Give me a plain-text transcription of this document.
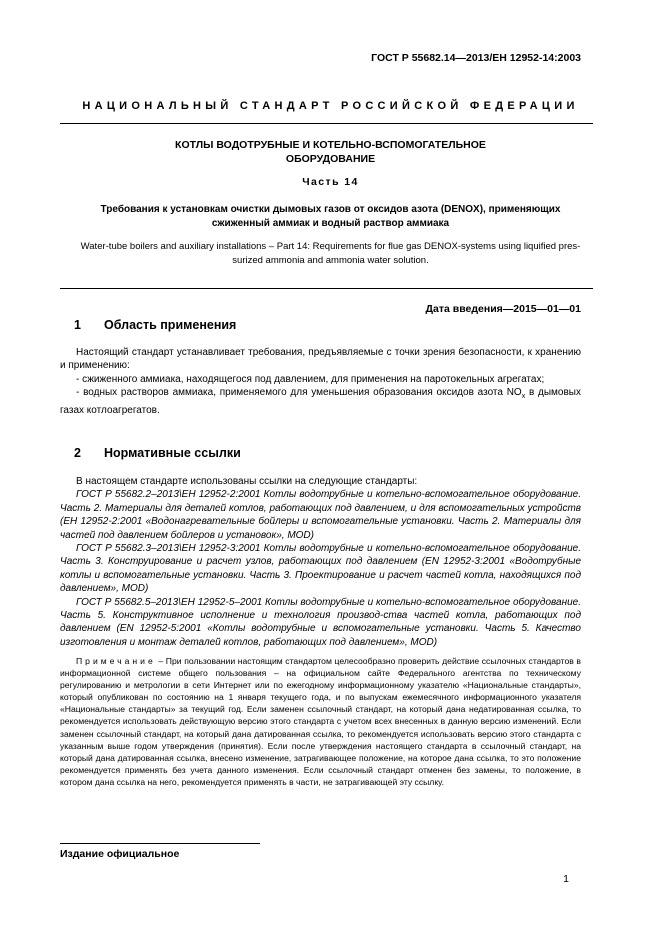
ГОСТ Р 55682.14—2013/EH 12952-14:2003
НАЦИОНАЛЬНЫЙ СТАНДАРТ РОССИЙСКОЙ ФЕДЕРАЦИИ
КОТЛЫ ВОДОТРУБНЫЕ И КОТЕЛЬНО-ВСПОМОГАТЕЛЬНОЕ
ОБОРУДОВАНИЕ
Часть 14
Требования к установкам очистки дымовых газов от оксидов азота (DENOX), применяющих
сжиженный аммиак и водный раствор аммиака
Water-tube boilers and auxiliary installations – Part 14: Requirements for flue gas DENOX-systems using liquified pres-
surized ammonia and ammonia water solution.
Дата введения—2015—01—01
1 Область применения

Настоящий стандарт устанавливает требования, предъявляемые с точки зрения безопасности, к хранению и применению:

- сжиженного аммиака, находящегося под давлением, для применения на паротокельных агрегатах;

- водных растворов аммиака, применяемого для уменьшения образования оксидов азота $NO_x$ в дымовых газах котлоагрегатов.

2 Нормативные ссылки

В настоящем стандарте использованы ссылки на следующие стандарты:

ГОСТ Р 55682.2–2013\ЕН 12952-2:2001 Котлы водотрубные и котельно-вспомогательное оборудование. Часть 2. Материалы для деталей котлов, работающих под давлением, и для вспомогательных устройств (EH 12952-2:2001 «Водонагревательные бойлеры и вспомогательные установки. Часть 2. Материалы для частей под давлением бойлеров и установок», MOD)

ГОСТ Р 55682.3–2013\ЕН 12952-3:2001 Котлы водотрубные и котельно-вспомогательное оборудование. Часть 3. Конструирование и расчет узлов, работающих под давлением (EN 12952-3:2001 «Водотрубные котлы и вспомогательные установки. Часть 3. Проектирование и расчет частей котла, находящихся под давлением», MOD)

ГОСТ Р 55682.5–2013\ЕН 12952-5–2001 Котлы водотрубные и котельно-вспомогательное оборудование. Часть 5. Конструктивное исполнение и технология производ-ства частей котла, работающих под давлением (EN 12952-5:2001 «Котлы водотрубные и вспомогательные установки. Часть 5. Качество изготовления и монтаж деталей котлов, работающих под давлением», MOD)

Примечание – При пользовании настоящим стандартом целесообразно проверить действие ссылочных стандартов в информационной системе общего пользования – на официальном сайте Федерального агентства по техническому регулированию и метрологии в сети Интернет или по ежегодному информационному указателю «Национальные стандарты», который опубликован по состоянию на 1 января текущего года, и по выпускам ежемесячного информационного указателя «Национальные стандарты» за текущий год. Если заменен ссылочный стандарт, на который дана недатированная ссылка, то рекомендуется использовать действующую версию этого стандарта с учетом всех внесенных в данную версию изменений. Если заменен ссылочный стандарт, на который дана датированная ссылка, то рекомендуется использовать версию этого стандарта с указанным выше годом утверждения (принятия). Если после утверждения настоящего стандарта в ссылочный стандарт, на который дана датированная ссылка, внесено изменение, затрагивающее положение, на которое дана ссылка, то это положение рекомендуется применять без учета данного изменения. Если ссылочный стандарт отменен без замены, то положение, в котором дана ссылка на него, рекомендуется применять в части, не затрагивающей эту ссылку.

Издание официальное
1
